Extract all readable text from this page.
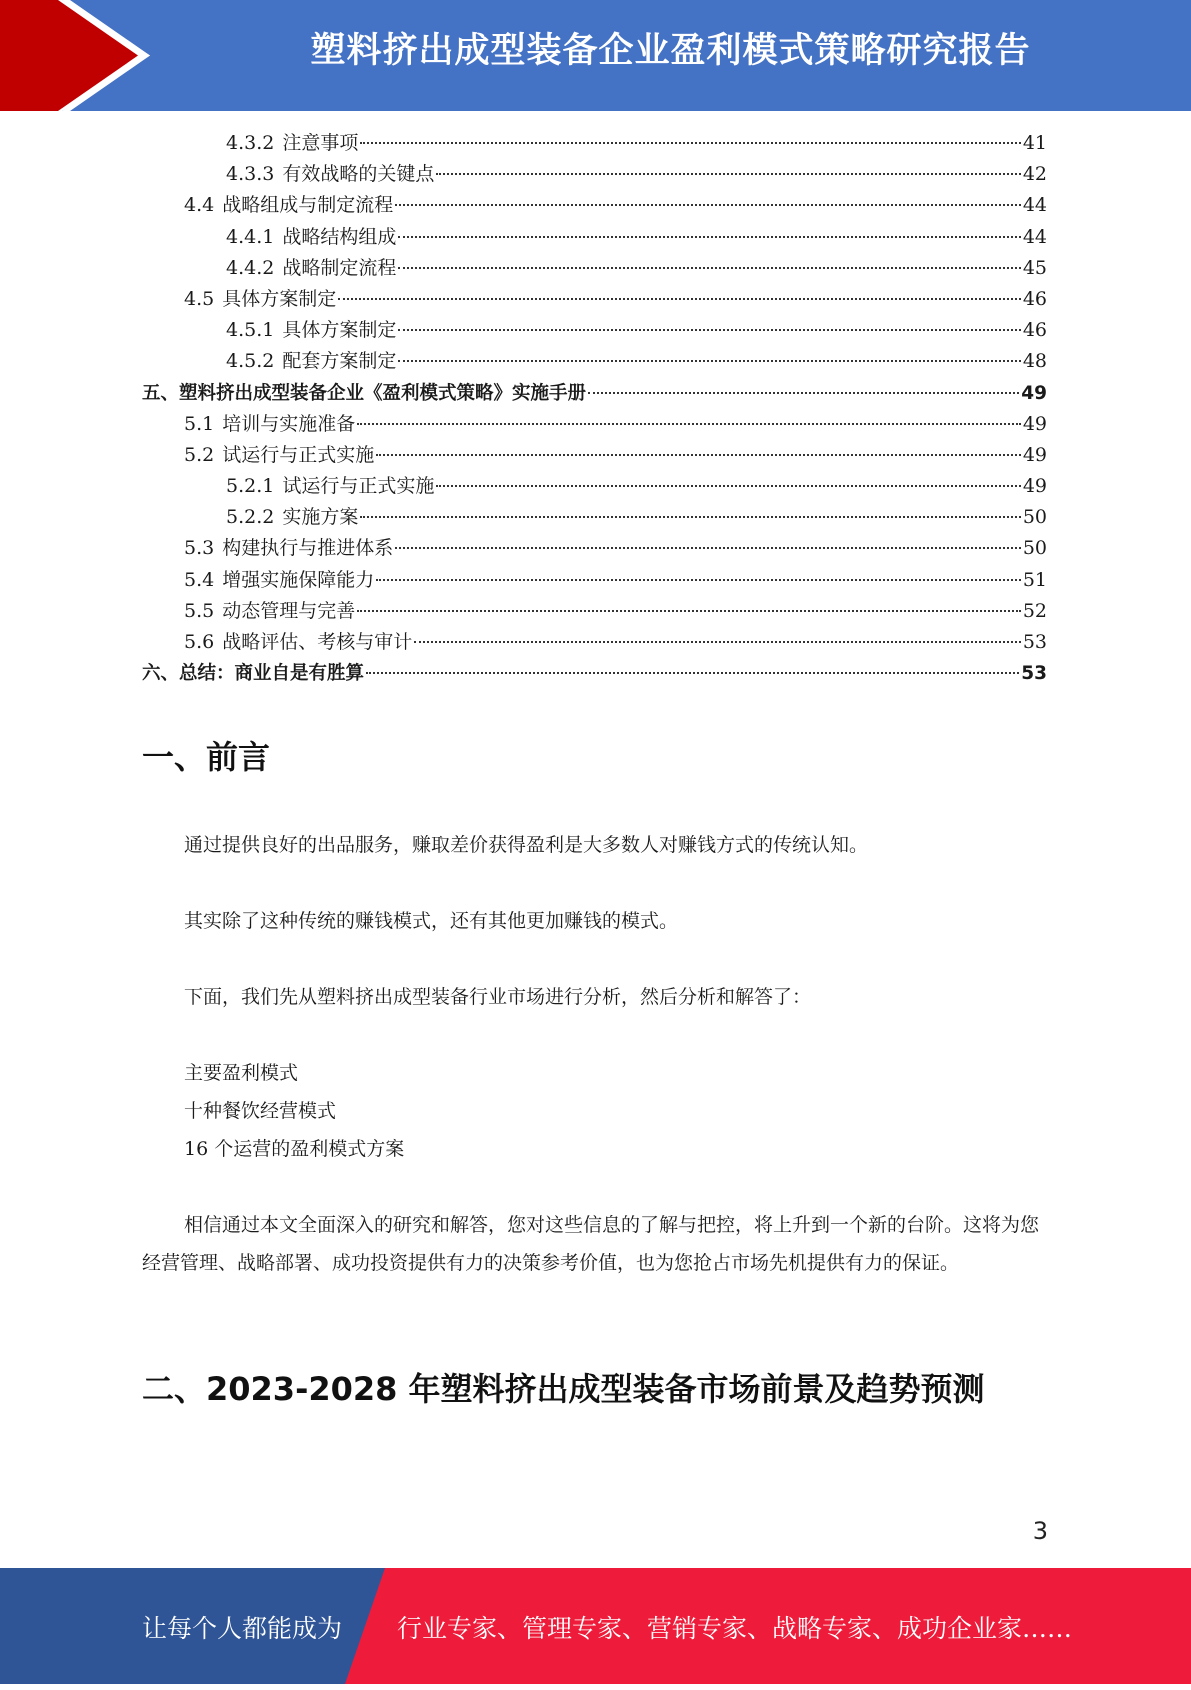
塑料挤出成型装备企业盈利模式策略研究报告
4.3.2 注意事项	41
4.3.3 有效战略的关键点	42
4.4 战略组成与制定流程	44
4.4.1 战略结构组成	44
4.4.2 战略制定流程	45
4.5 具体方案制定	46
4.5.1 具体方案制定	46
4.5.2 配套方案制定	48
五、塑料挤出成型装备企业《盈利模式策略》实施手册	49
5.1 培训与实施准备	49
5.2 试运行与正式实施	49
5.2.1 试运行与正式实施	49
5.2.2 实施方案	50
5.3 构建执行与推进体系	50
5.4 增强实施保障能力	51
5.5 动态管理与完善	52
5.6 战略评估、考核与审计	53
六、总结：商业自是有胜算	53
一、前言
通过提供良好的出品服务，赚取差价获得盈利是大多数人对赚钱方式的传统认知。
其实除了这种传统的赚钱模式，还有其他更加赚钱的模式。
下面，我们先从塑料挤出成型装备行业市场进行分析，然后分析和解答了：
主要盈利模式
十种餐饮经营模式
16 个运营的盈利模式方案
相信通过本文全面深入的研究和解答，您对这些信息的了解与把控，将上升到一个新的台阶。这将为您经营管理、战略部署、成功投资提供有力的决策参考价值，也为您抢占市场先机提供有力的保证。
二、2023-2028 年塑料挤出成型装备市场前景及趋势预测
3
让每个人都能成为 行业专家、管理专家、营销专家、战略专家、成功企业家……
